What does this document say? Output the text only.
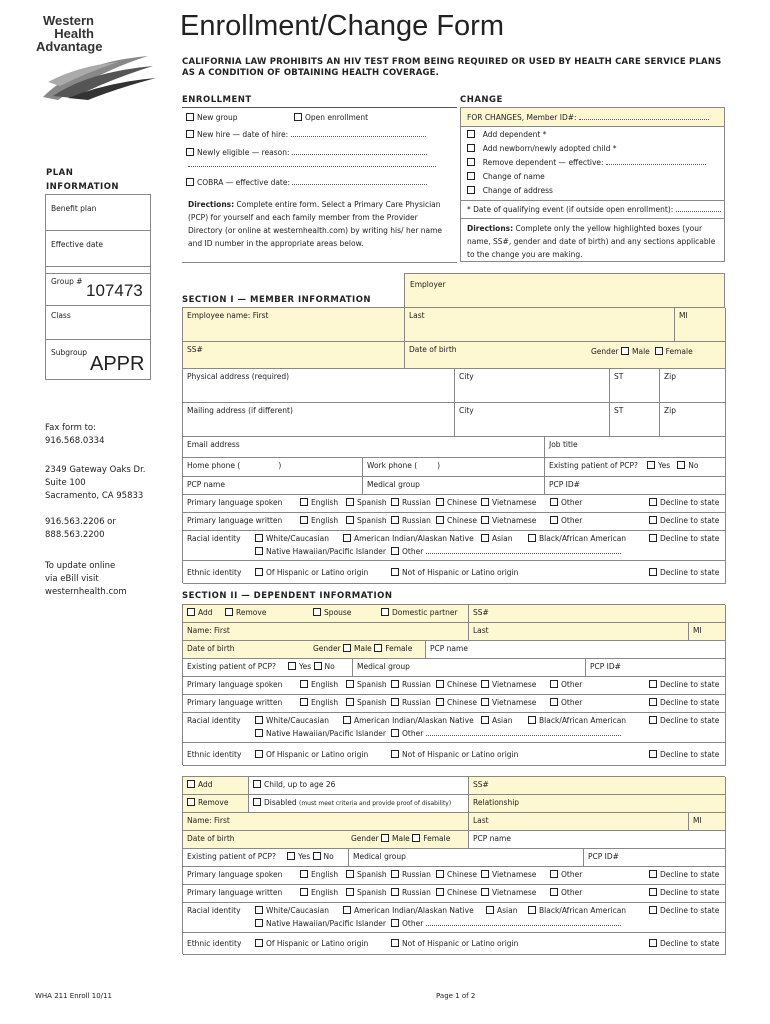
Western
Health
Advantage
Enrollment/Change Form
CALIFORNIA LAW PROHIBITS AN HIV TEST FROM BEING REQUIRED OR USED BY HEALTH CARE SERVICE PLANS AS A CONDITION OF OBTAINING HEALTH COVERAGE.
ENROLLMENT
New group	Open enrollment
New hire — date of hire:
Newly eligible — reason:
COBRA — effective date:
Directions: Complete entire form. Select a Primary Care Physician (PCP) for yourself and each family member from the Provider Directory (or online at westernhealth.com) by writing his/ her name and ID number in the appropriate areas below.
CHANGE
FOR CHANGES, Member ID#:
Add dependent *
Add newborn/newly adopted child *
Remove dependent — effective:
Change of name
Change of address
* Date of qualifying event (if outside open enrollment):
Directions: Complete only the yellow highlighted boxes (your name, SS#, gender and date of birth) and any sections applicable to the change you are making.
PLAN
INFORMATION
Benefit plan
Effective date
Group # 107473
Class
Subgroup
APPR
Fax form to:
916.568.0334
2349 Gateway Oaks Dr.
Suite 100
Sacramento, CA 95833
916.563.2206 or
888.563.2200
To update online
via eBill visit
westernhealth.com
Employer
SECTION I — MEMBER INFORMATION
Employee name: First	Last	MI
SS#	Date of birth	Gender Male Female
Physical address (required)	City	ST	Zip
Mailing address (if different)	City	ST	Zip
Email address	Job title
Home phone (	)	Work phone (	)	Existing patient of PCP?	Yes No
PCP name	Medical group	PCP ID#
Primary language spoken	English	Spanish	Russian	Chinese	Vietnamese	Other	Decline to state
Primary language written	English	Spanish	Russian	Chinese	Vietnamese	Other	Decline to state
Racial identity	White/Caucasian	American Indian/Alaskan Native	Asian	Black/African American	Decline to state
Native Hawaiian/Pacific Islander	Other
Ethnic identity	Of Hispanic or Latino origin	Not of Hispanic or Latino origin	Decline to state
SECTION II — DEPENDENT INFORMATION
Add	Remove	Spouse	Domestic partner	SS#
Name: First	Last	MI
Date of birth	Gender Male Female	PCP name
Existing patient of PCP?	Yes No	Medical group	PCP ID#
Primary language spoken	English	Spanish	Russian	Chinese	Vietnamese	Other	Decline to state
Primary language written	English	Spanish	Russian	Chinese	Vietnamese	Other	Decline to state
Racial identity	White/Caucasian	American Indian/Alaskan Native	Asian	Black/African American	Decline to state
Native Hawaiian/Pacific Islander	Other
Ethnic identity	Of Hispanic or Latino origin	Not of Hispanic or Latino origin	Decline to state
Add	Child, up to age 26	SS#
Remove	Disabled (must meet criteria and provide proof of disability)	Relationship
Name: First	Last	MI
Date of birth	Gender Male Female	PCP name
Existing patient of PCP?	Yes No	Medical group	PCP ID#
Primary language spoken	English	Spanish	Russian	Chinese	Vietnamese	Other	Decline to state
Primary language written	English	Spanish	Russian	Chinese	Vietnamese	Other	Decline to state
Racial identity	White/Caucasian	American Indian/Alaskan Native	Asian	Black/African American	Decline to state
Native Hawaiian/Pacific Islander	Other
Ethnic identity	Of Hispanic or Latino origin	Not of Hispanic or Latino origin	Decline to state
WHA 211 Enroll 10/11	Page 1 of 2
